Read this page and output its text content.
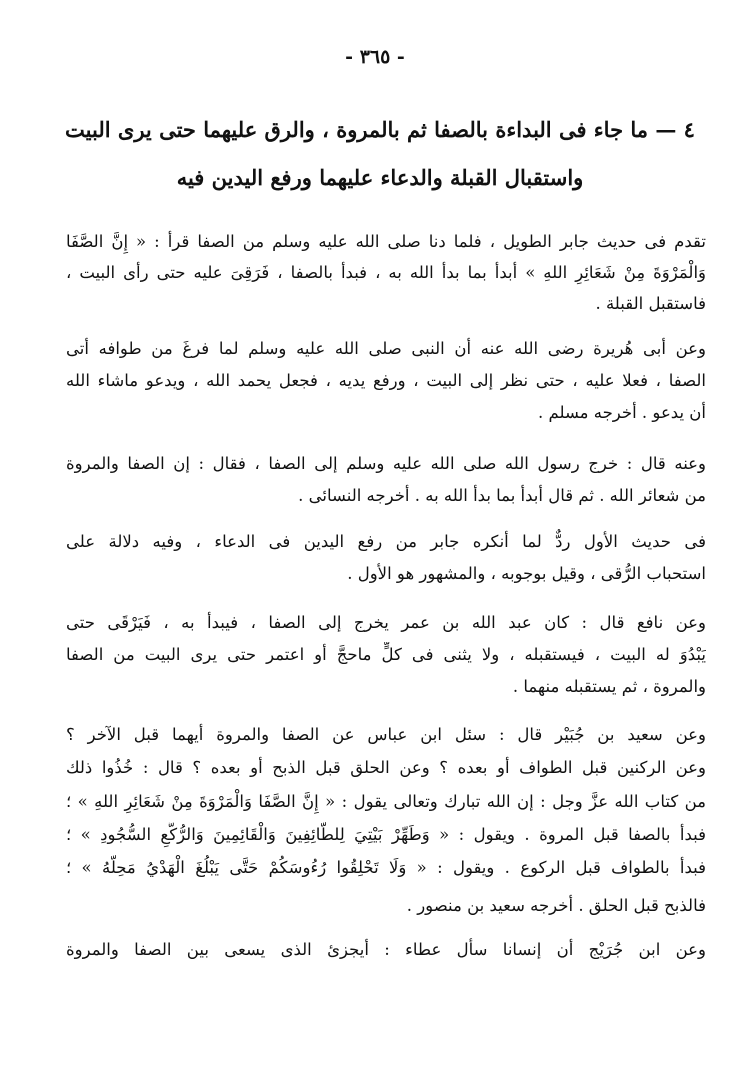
- ٣٦٥ -
٤ — ما جاء فى البداءة بالصفا ثم بالمروة ، والرق عليهما حتى يرى البيت
واستقبال القبلة والدعاء عليهما ورفع اليدين فيه
تقدم فى حديث جابر الطويل ، فلما دنا صلى الله عليه وسلم من الصفا قرأ : « إِنَّ الصَّفَا
وَالْمَرْوَةَ مِنْ شَعَائِرِ اللهِ » أبدأ بما بدأ الله به ، فبدأ بالصفا ، فَرَقِىَ عليه حتى رأى البيت ،
فاستقبل القبلة .
وعن أبى هُريرة رضى الله عنه أن النبى صلى الله عليه وسلم لما فرغَ من طوافه أتى
الصفا ، فعلا عليه ، حتى نظر إلى البيت ، ورفع يديه ، فجعل يحمد الله ، ويدعو ماشاء الله
أن يدعو . أخرجه مسلم .
وعنه قال : خرج رسول الله صلى الله عليه وسلم إلى الصفا ، فقال : إن الصفا والمروة
من شعائر الله . ثم قال أبدأ بما بدأ الله به . أخرجه النسائى .
فى حديث الأول ردٌّ لما أنكره جابر من رفع اليدين فى الدعاء ، وفيه دلالة على
استحباب الرُّقى ، وقيل بوجوبه ، والمشهور هو الأول .
وعن نافع قال : كان عبد الله بن عمر يخرج إلى الصفا ، فيبدأ به ، فَيَرْقَى حتى
يَبْدُوَ له البيت ، فيستقبله ، ولا يثنى فى كلٍّ ماحجَّ أو اعتمر حتى يرى البيت من الصفا
والمروة ، ثم يستقبله منهما .
وعن سعيد بن جُبَيْر قال : سئل ابن عباس عن الصفا والمروة أيهما قبل الآخر ؟
وعن الركنين قبل الطواف أو بعده ؟ وعن الحلق قبل الذبح أو بعده ؟ قال : خُذُوا ذلك
من كتاب الله عزَّ وجل : إن الله تبارك وتعالى يقول : « إِنَّ الصَّفَا وَالْمَرْوَةَ مِنْ شَعَائِرِ اللهِ » ؛
فبدأ بالصفا قبل المروة . ويقول : « وَطَهِّرْ بَيْتِيَ لِلطَّائِفِينَ وَالْقَائِمِينَ وَالرُّكَّعِ السُّجُودِ » ؛
فبدأ بالطواف قبل الركوع . ويقول : « وَلَا تَحْلِقُوا رُءُوسَكُمْ حَتَّى يَبْلُغَ الْهَدْيُ مَحِلَّهُ » ؛
فالذبح قبل الحلق . أخرجه سعيد بن منصور .
وعن ابن جُرَيْج أن إنسانا سأل عطاء : أيجزئ الذى يسعى بين الصفا والمروة
